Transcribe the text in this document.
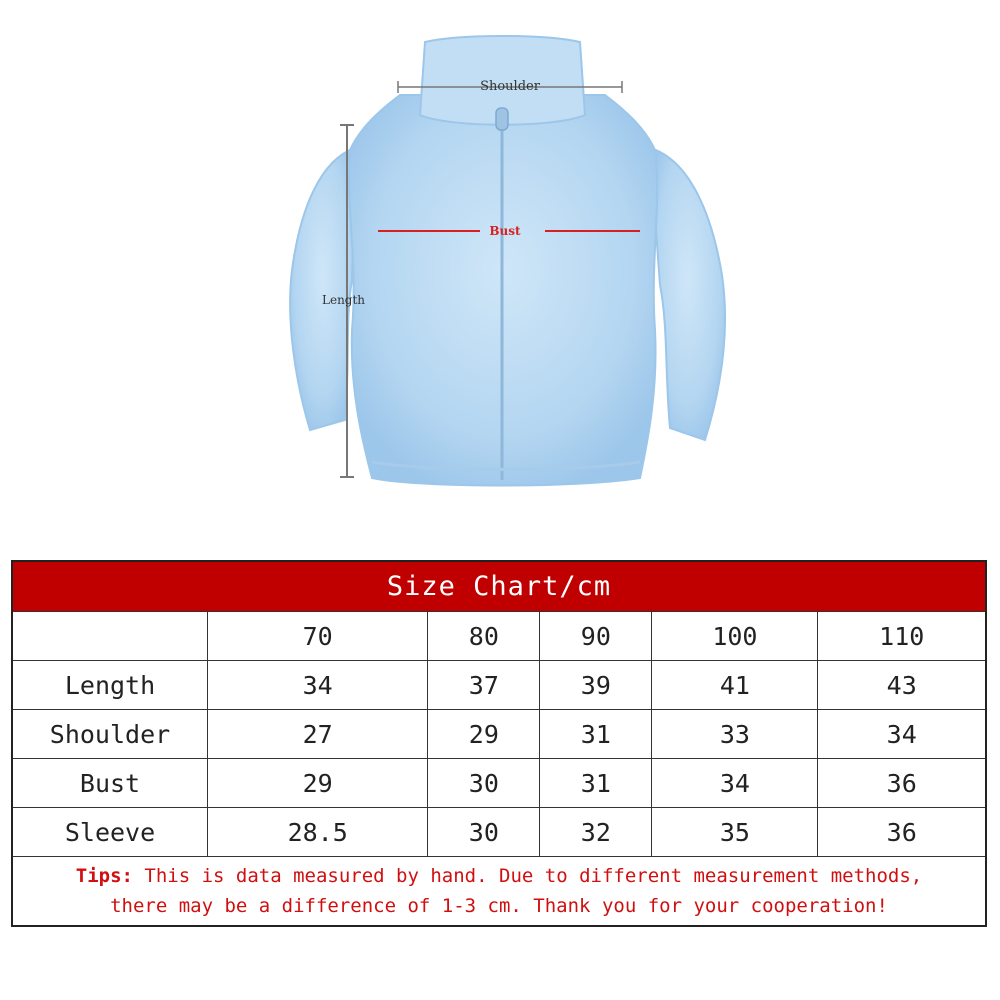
Shoulder
Bust
Length
Size Chart/cm					
	70	80	90	100	110
Length	34	37	39	41	43
Shoulder	27	29	31	33	34
Bust	29	30	31	34	36
Sleeve	28.5	30	32	35	36
Tips: This is data measured by hand. Due to different measurement methods,
there may be a difference of 1-3 cm. Thank you for your cooperation!					
